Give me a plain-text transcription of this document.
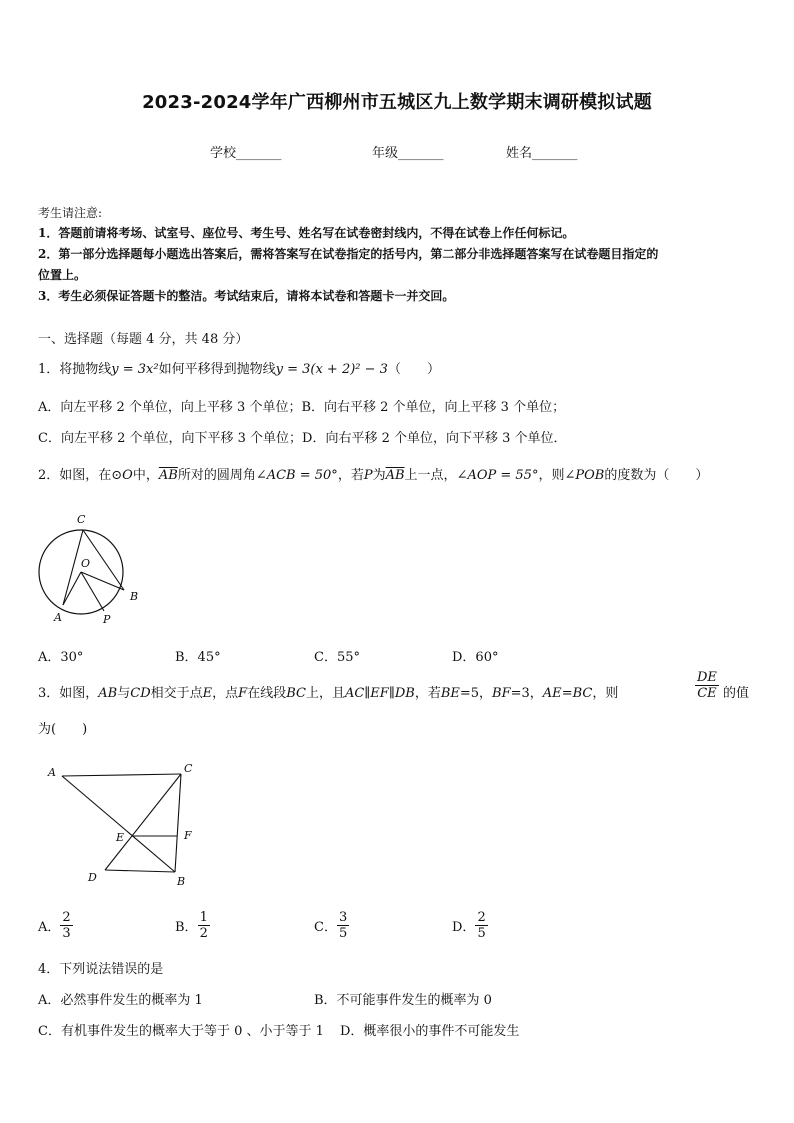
2023-2024学年广西柳州市五城区九上数学期末调研模拟试题
学校_______	年级_______	姓名_______
考生请注意:
1．答题前请将考场、试室号、座位号、考生号、姓名写在试卷密封线内，不得在试卷上作任何标记。
2．第一部分选择题每小题选出答案后，需将答案写在试卷指定的括号内，第二部分非选择题答案写在试卷题目指定的
位置上。
3．考生必须保证答题卡的整洁。考试结束后，请将本试卷和答题卡一并交回。
一、选择题（每题 4 分，共 48 分）
1．将抛物线y = 3x²如何平移得到抛物线y = 3(x + 2)² − 3（　　）
A．向左平移 2 个单位，向上平移 3 个单位；B．向右平移 2 个单位，向上平移 3 个单位；
C．向左平移 2 个单位，向下平移 3 个单位；D．向右平移 2 个单位，向下平移 3 个单位．
2．如图，在⊙O中，$\overline{AB}$所对的圆周角∠ACB = 50°，若P为$\overline{AB}$上一点，∠AOP = 55°，则∠POB的度数为（　　）
C
O
B
A	P
A．30°	B．45°	C．55°	D．60°
3．如图，AB与CD相交于点E，点F在线段BC上，且AC∥EF∥DB，若BE=5，BF=3，AE=BC，则	$\frac{DE}{CE}$ 的值
为(　　)
A	C
E	F
D	B
A． $\frac{2}{3}$	B． $\frac{1}{2}$	C． $\frac{3}{5}$	D． $\frac{2}{5}$
4．下列说法错误的是
A．必然事件发生的概率为 1	B．不可能事件发生的概率为 0
C．有机事件发生的概率大于等于 0 、小于等于 1 D．概率很小的事件不可能发生
